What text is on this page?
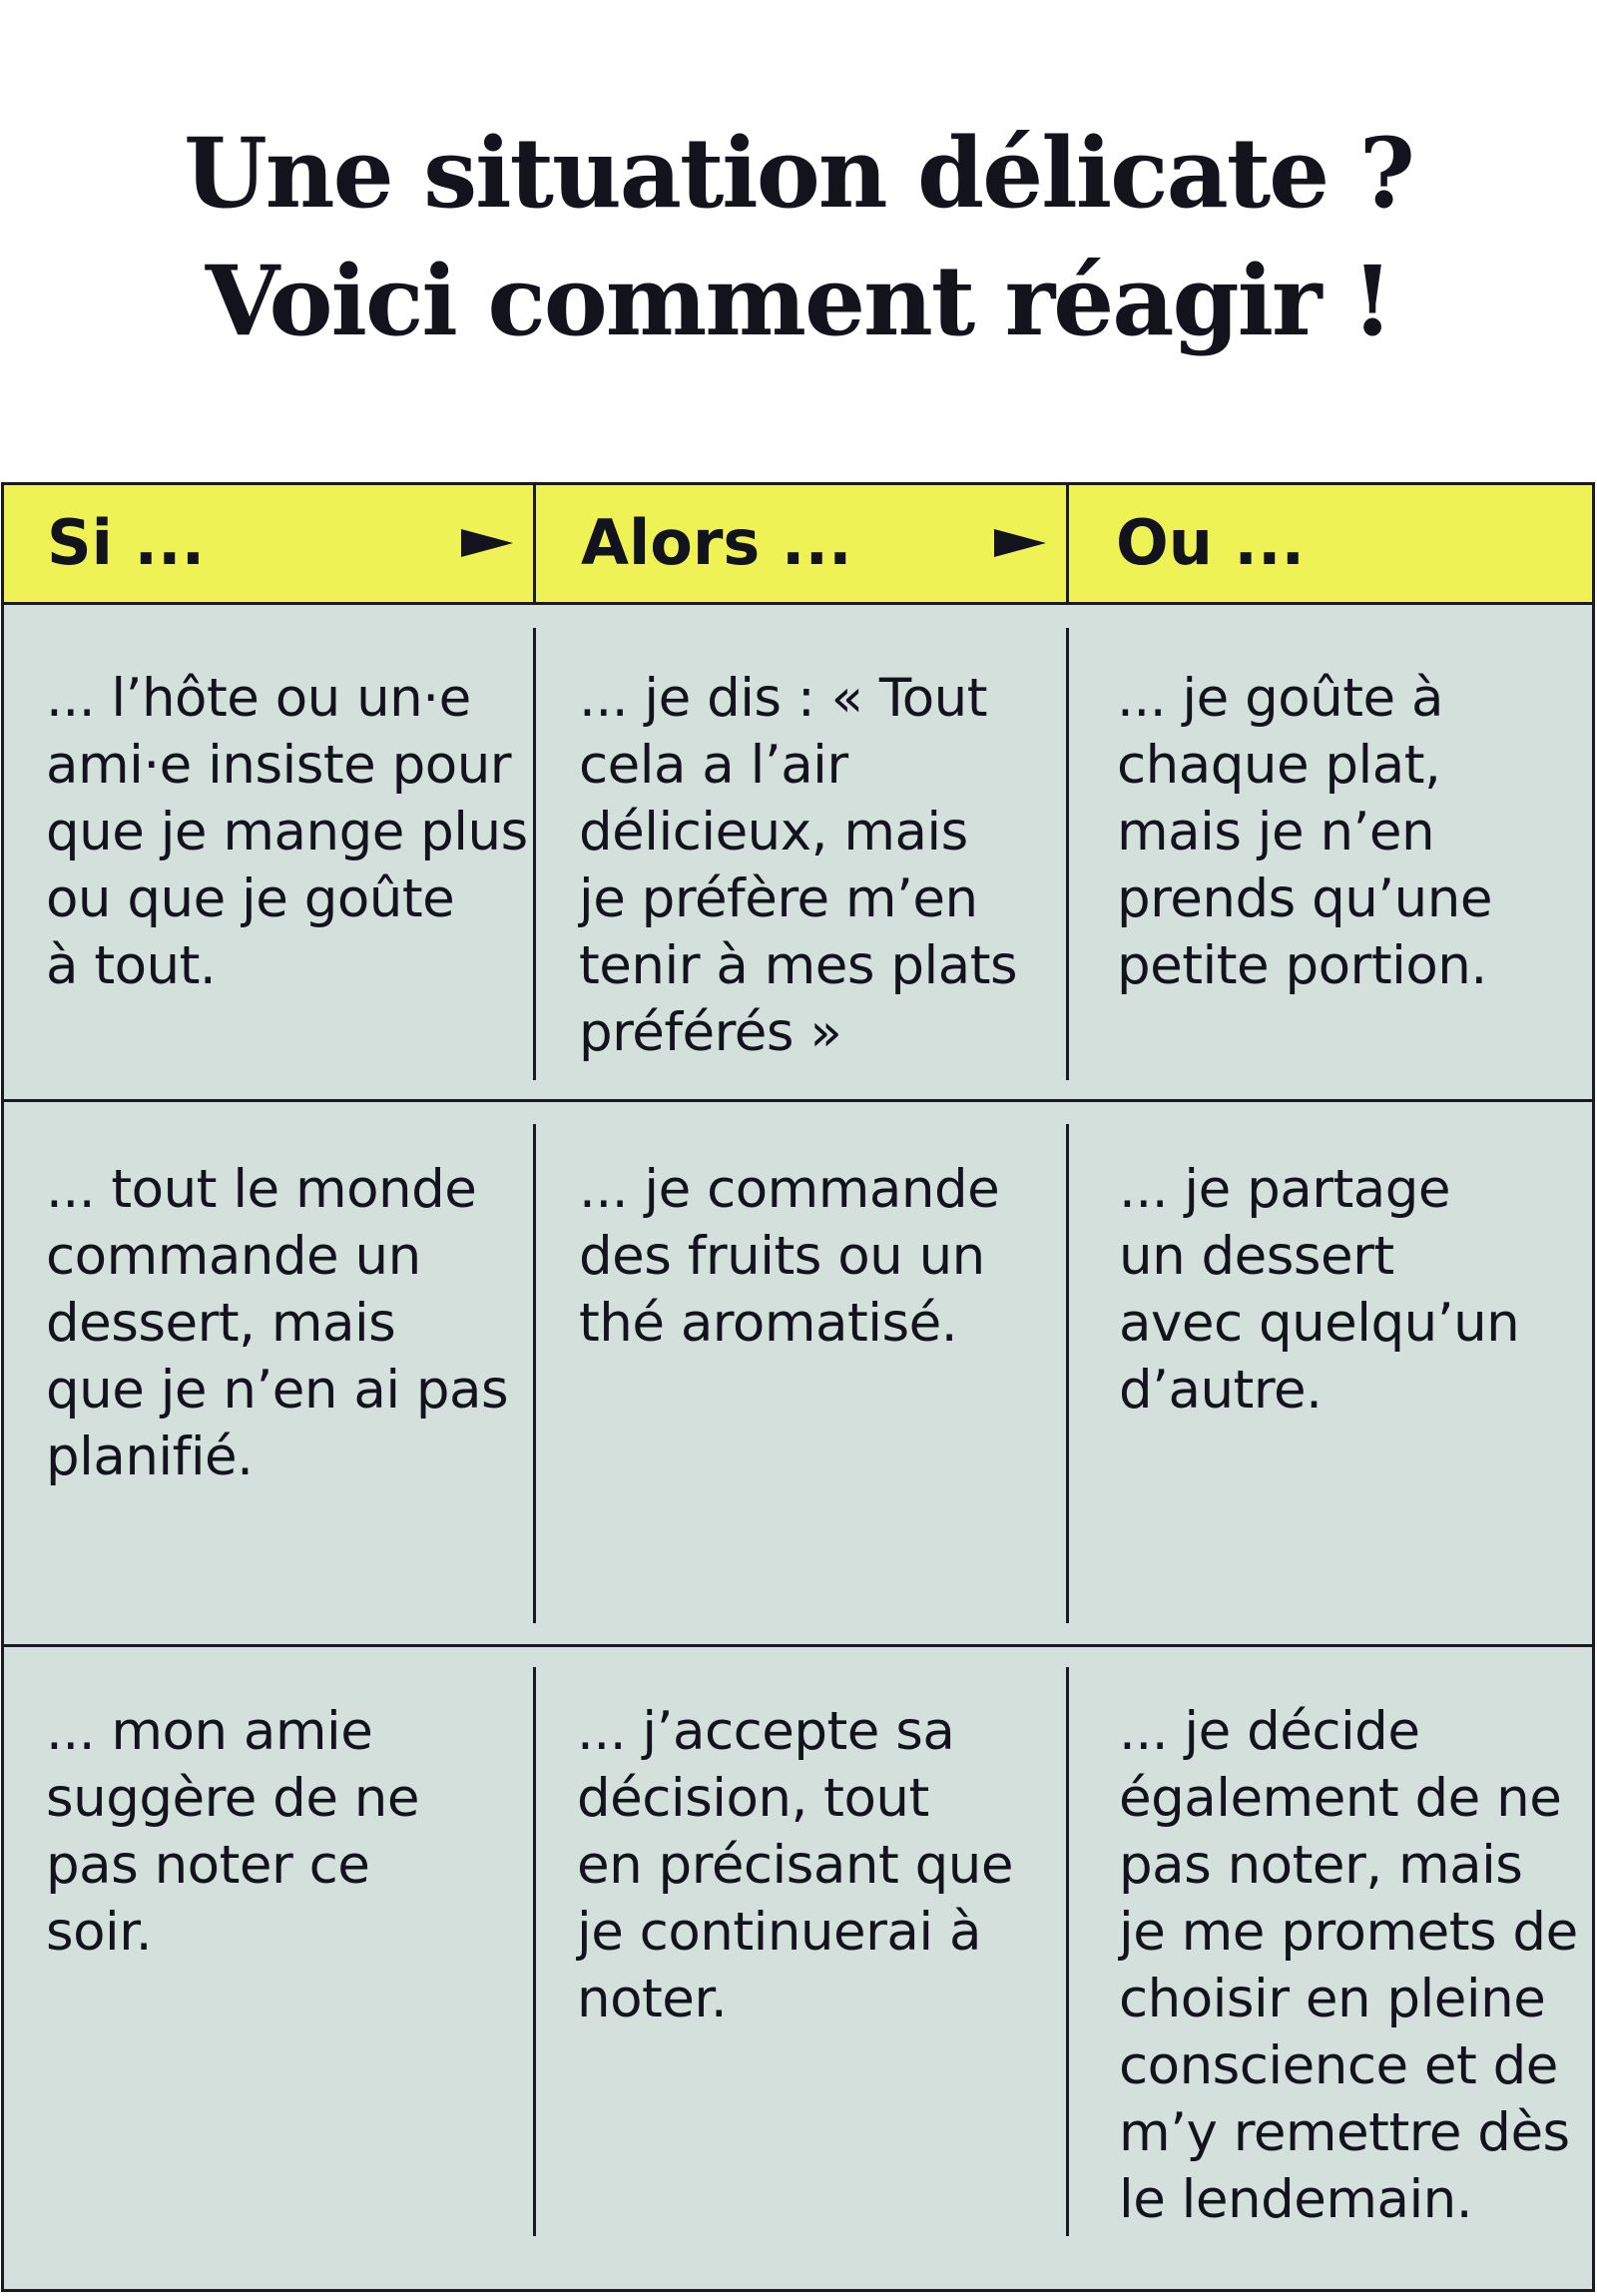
Une situation délicate ?
Voici comment réagir !
Si ...	Alors ...	Ou ...
... l’hôte ou un·e
ami·e insiste pour
que je mange plus
ou que je goûte
à tout.
... je dis : « Tout
cela a l’air
délicieux, mais
je préfère m’en
tenir à mes plats
préférés »
... je goûte à
chaque plat,
mais je n’en
prends qu’une
petite portion.
... tout le monde
commande un
dessert, mais
que je n’en ai pas
planifié.
... je commande
des fruits ou un
thé aromatisé.
... je partage
un dessert
avec quelqu’un
d’autre.
... mon amie
suggère de ne
pas noter ce
soir.
... j’accepte sa
décision, tout
en précisant que
je continuerai à
noter.
... je décide
également de ne
pas noter, mais
je me promets de
choisir en pleine
conscience et de
m’y remettre dès
le lendemain.
